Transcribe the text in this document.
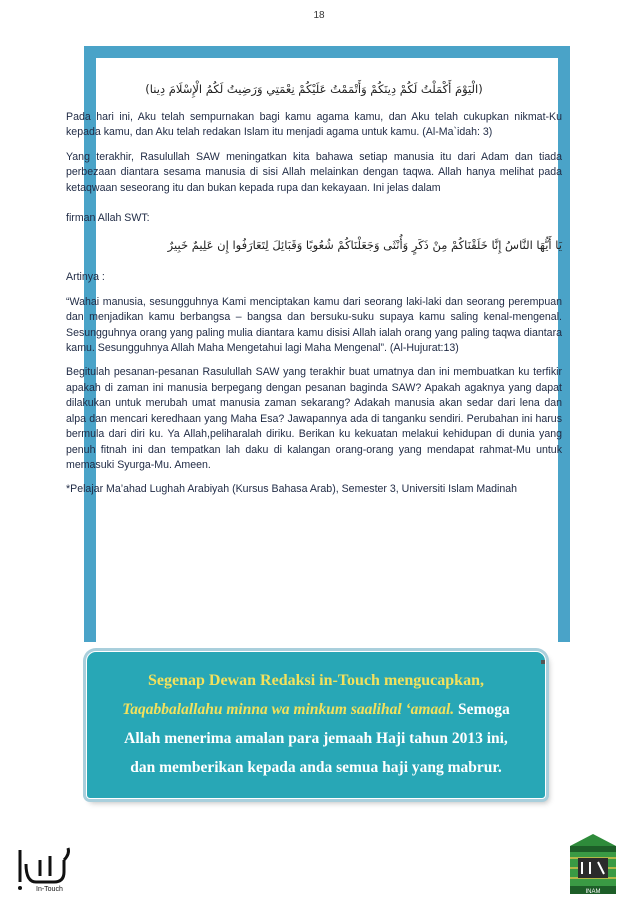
18
(الْيَوْمَ أَكْمَلْتُ لَكُمْ دِينَكُمْ وَأَتْمَمْتُ عَلَيْكُمْ نِعْمَتِي وَرَضِيتُ لَكُمُ الْإِسْلَامَ دِينا)

Pada hari ini, Aku telah sempurnakan bagi kamu agama kamu, dan Aku telah cukupkan nikmat-Ku kepada kamu, dan Aku telah redakan Islam itu menjadi agama untuk kamu. (Al-Ma`idah: 3)

Yang terakhir, Rasulullah SAW meningatkan kita bahawa setiap manusia itu dari Adam dan tiada perbezaan diantara sesama manusia di sisi Allah melainkan dengan taqwa. Allah hanya melihat pada ketaqwaan seseorang itu dan bukan kepada rupa dan kekayaan. Ini jelas dalam

firman Allah SWT:

يَا أَيُّهَا النَّاسُ إِنَّا خَلَقْنَاكُمْ مِنْ ذَكَرٍ وَأُنْثَى وَجَعَلْنَاكُمْ شُعُوبًا وَقَبَائِلَ لِتَعَارَفُوا إِن عَلِيمٌ خَبِيرٌ

Artinya :

“Wahai manusia, sesungguhnya Kami menciptakan kamu dari seorang laki-laki dan seorang perempuan dan menjadikan kamu berbangsa – bangsa dan bersuku-suku supaya kamu saling kenal-mengenal. Sesungguhnya orang yang paling mulia diantara kamu disisi Allah ialah orang yang paling taqwa diantara kamu. Sesungguhnya Allah Maha Mengetahui lagi Maha Mengenal”. (Al-Hujurat:13)

Begitulah pesanan-pesanan Rasulullah SAW yang terakhir buat umatnya dan ini membuatkan ku terfikir apakah di zaman ini manusia berpegang dengan pesanan baginda SAW? Apakah agaknya yang dapat dilakukan untuk merubah umat manusia zaman sekarang? Adakah manusia akan sedar dari lena dan alpa dan mencari keredhaan yang Maha Esa? Jawapannya ada di tanganku sendiri. Perubahan ini harus bermula dari diri ku. Ya Allah,peliharalah diriku. Berikan ku kekuatan melakui kehidupan di dunia yang penuh fitnah ini dan tempatkan lah daku di kalangan orang-orang yang mendapat rahmat-Mu untuk memasuki Syurga-Mu. Ameen.

*Pelajar Ma’ahad Lughah Arabiyah (Kursus Bahasa Arab), Semester 3, Universiti Islam Madinah

Segenap Dewan Redaksi in-Touch mengucapkan,
Taqabbalallahu minna wa minkum saalihal ‘amaal. Semoga
Allah menerima amalan para jemaah Haji tahun 2013 ini,
dan memberikan kepada anda semua haji yang mabrur.
In-Touch	INAM
